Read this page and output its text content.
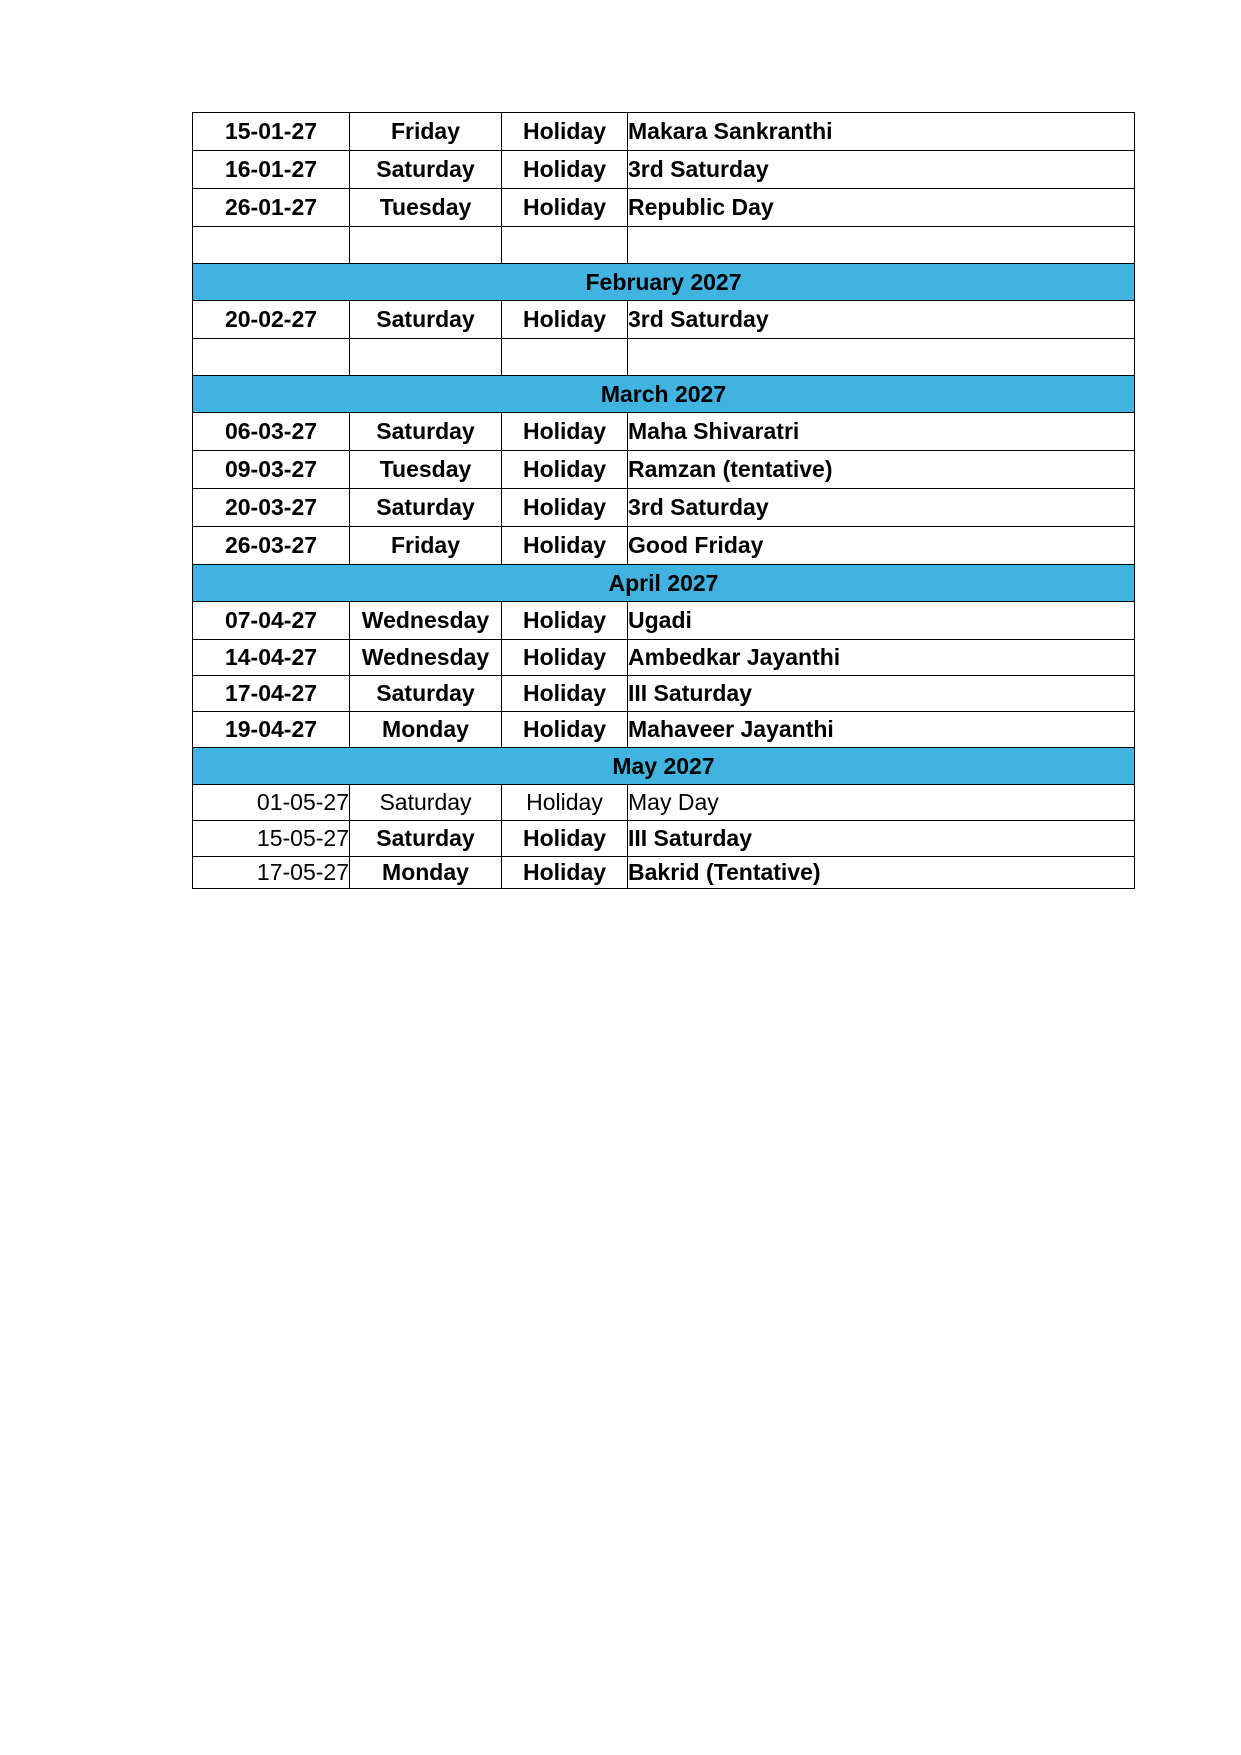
15-01-27	Friday	Holiday	Makara Sankranthi
16-01-27	Saturday	Holiday	3rd Saturday
26-01-27	Tuesday	Holiday	Republic Day

February 2027			
20-02-27	Saturday	Holiday	3rd Saturday

March 2027			
06-03-27	Saturday	Holiday	Maha Shivaratri
09-03-27	Tuesday	Holiday	Ramzan (tentative)
20-03-27	Saturday	Holiday	3rd Saturday
26-03-27	Friday	Holiday	Good Friday
April 2027			
07-04-27	Wednesday	Holiday	Ugadi
14-04-27	Wednesday	Holiday	Ambedkar Jayanthi
17-04-27	Saturday	Holiday	III Saturday
19-04-27	Monday	Holiday	Mahaveer Jayanthi
May 2027			
01-05-27	Saturday	Holiday	May Day
15-05-27	Saturday	Holiday	III Saturday
17-05-27	Monday	Holiday	Bakrid (Tentative)
